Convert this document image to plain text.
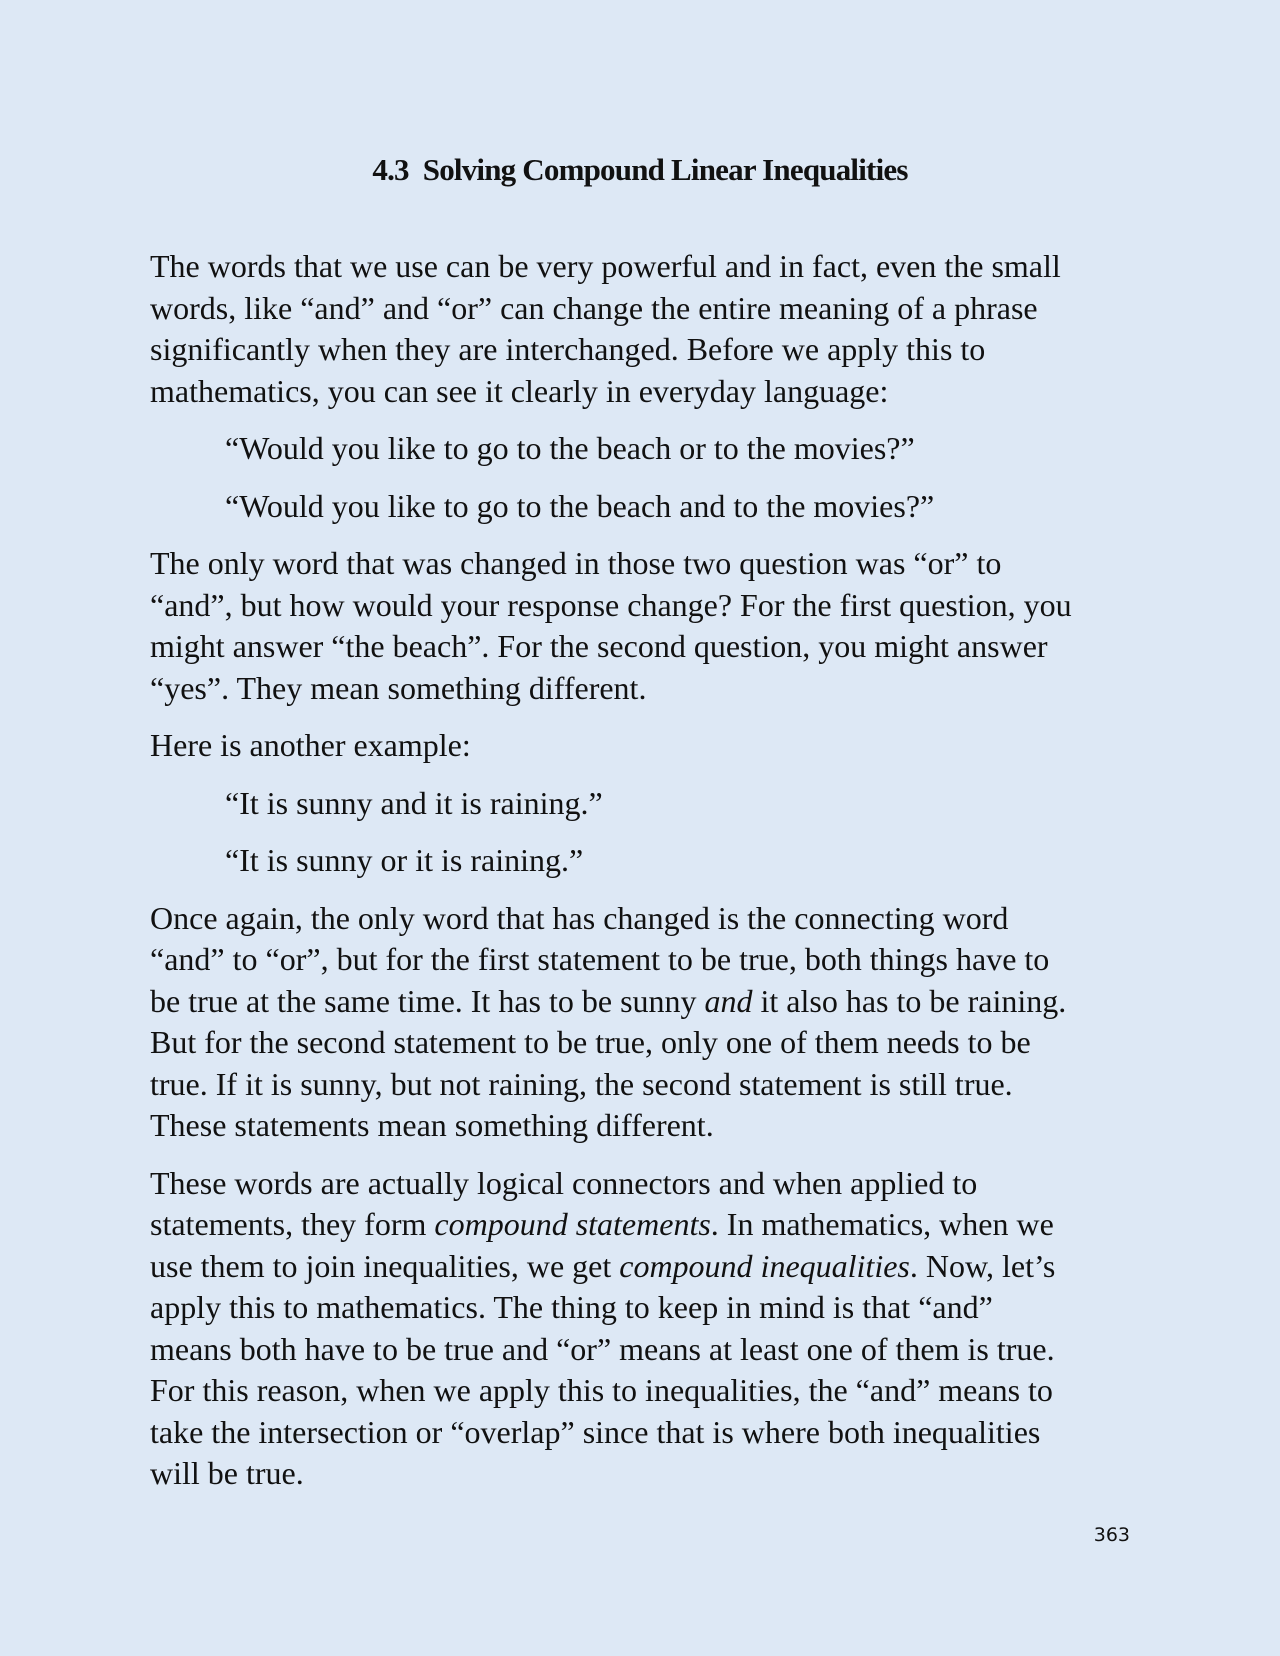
4.3 Solving Compound Linear Inequalities
The words that we use can be very powerful and in fact, even the small
words, like “and” and “or” can change the entire meaning of a phrase
significantly when they are interchanged. Before we apply this to
mathematics, you can see it clearly in everyday language:
“Would you like to go to the beach or to the movies?”
“Would you like to go to the beach and to the movies?”
The only word that was changed in those two question was “or” to
“and”, but how would your response change? For the first question, you
might answer “the beach”. For the second question, you might answer
“yes”. They mean something different.
Here is another example:
“It is sunny and it is raining.”
“It is sunny or it is raining.”
Once again, the only word that has changed is the connecting word
“and” to “or”, but for the first statement to be true, both things have to
be true at the same time. It has to be sunny and it also has to be raining.
But for the second statement to be true, only one of them needs to be
true. If it is sunny, but not raining, the second statement is still true.
These statements mean something different.
These words are actually logical connectors and when applied to
statements, they form compound statements. In mathematics, when we
use them to join inequalities, we get compound inequalities. Now, let’s
apply this to mathematics. The thing to keep in mind is that “and”
means both have to be true and “or” means at least one of them is true.
For this reason, when we apply this to inequalities, the “and” means to
take the intersection or “overlap” since that is where both inequalities
will be true.
363
